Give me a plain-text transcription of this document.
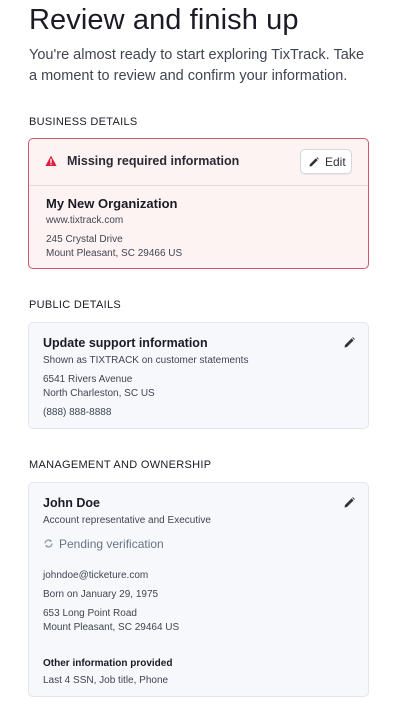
Review and finish up
You're almost ready to start exploring TixTrack. Take a moment to review and confirm your information.
BUSINESS DETAILS
Missing required information	Edit
My New Organization
www.tixtrack.com
245 Crystal Drive
Mount Pleasant, SC 29466 US
PUBLIC DETAILS
Update support information
Shown as TIXTRACK on customer statements
6541 Rivers Avenue
North Charleston, SC US
(888) 888-8888
MANAGEMENT AND OWNERSHIP
John Doe
Account representative and Executive
Pending verification
johndoe@ticketure.com
Born on January 29, 1975
653 Long Point Road
Mount Pleasant, SC 29464 US
Other information provided
Last 4 SSN, Job title, Phone
